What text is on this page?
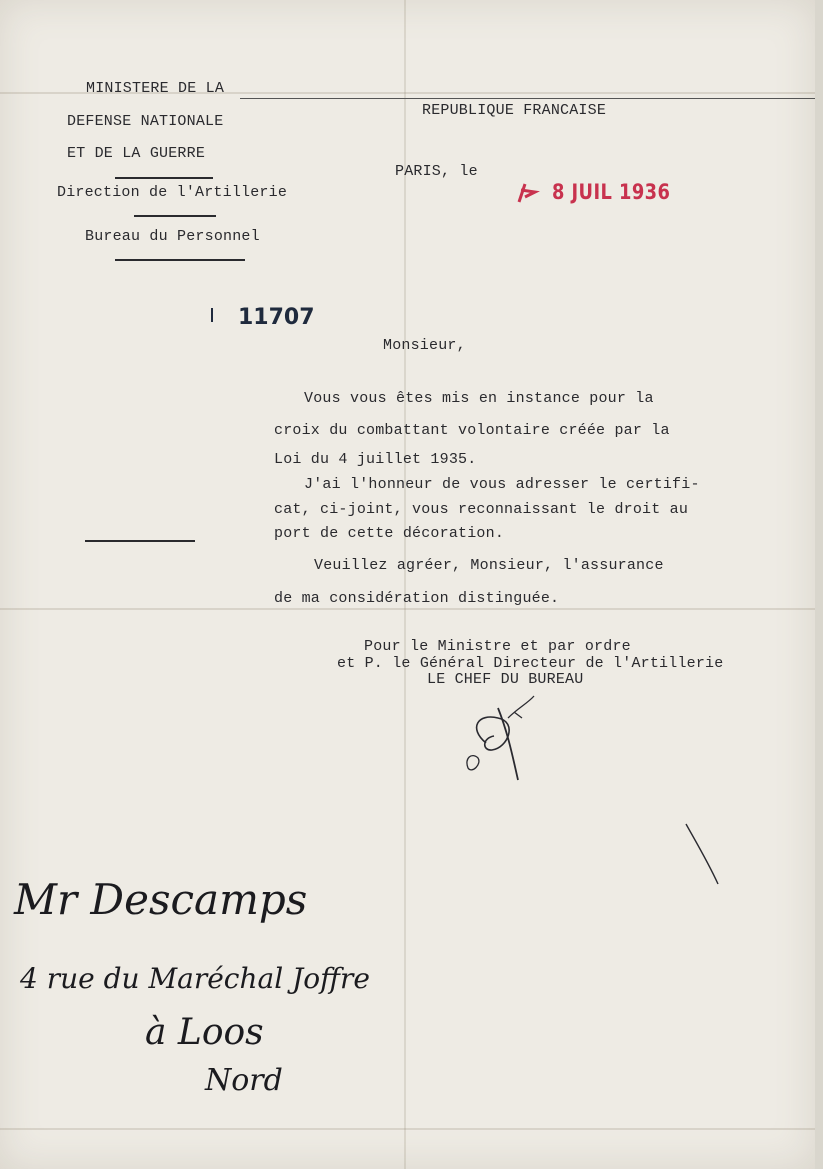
MINISTERE DE LA
DEFENSE NATIONALE
ET DE LA GUERRE
Direction de l'Artillerie
Bureau du Personnel
REPUBLIQUE FRANCAISE
PARIS, le
8 JUIL 1936
11707
Monsieur,
Vous vous êtes mis en instance pour la
croix du combattant volontaire créée par la
Loi du 4 juillet 1935.
J'ai l'honneur de vous adresser le certifi-
cat, ci-joint, vous reconnaissant le droit au
port de cette décoration.
Veuillez agréer, Monsieur, l'assurance
de ma considération distinguée.
Pour le Ministre et par ordre
et P. le Général Directeur de l'Artillerie
LE CHEF DU BUREAU
Mr Descamps
4 rue du Maréchal Joffre
à Loos
Nord
